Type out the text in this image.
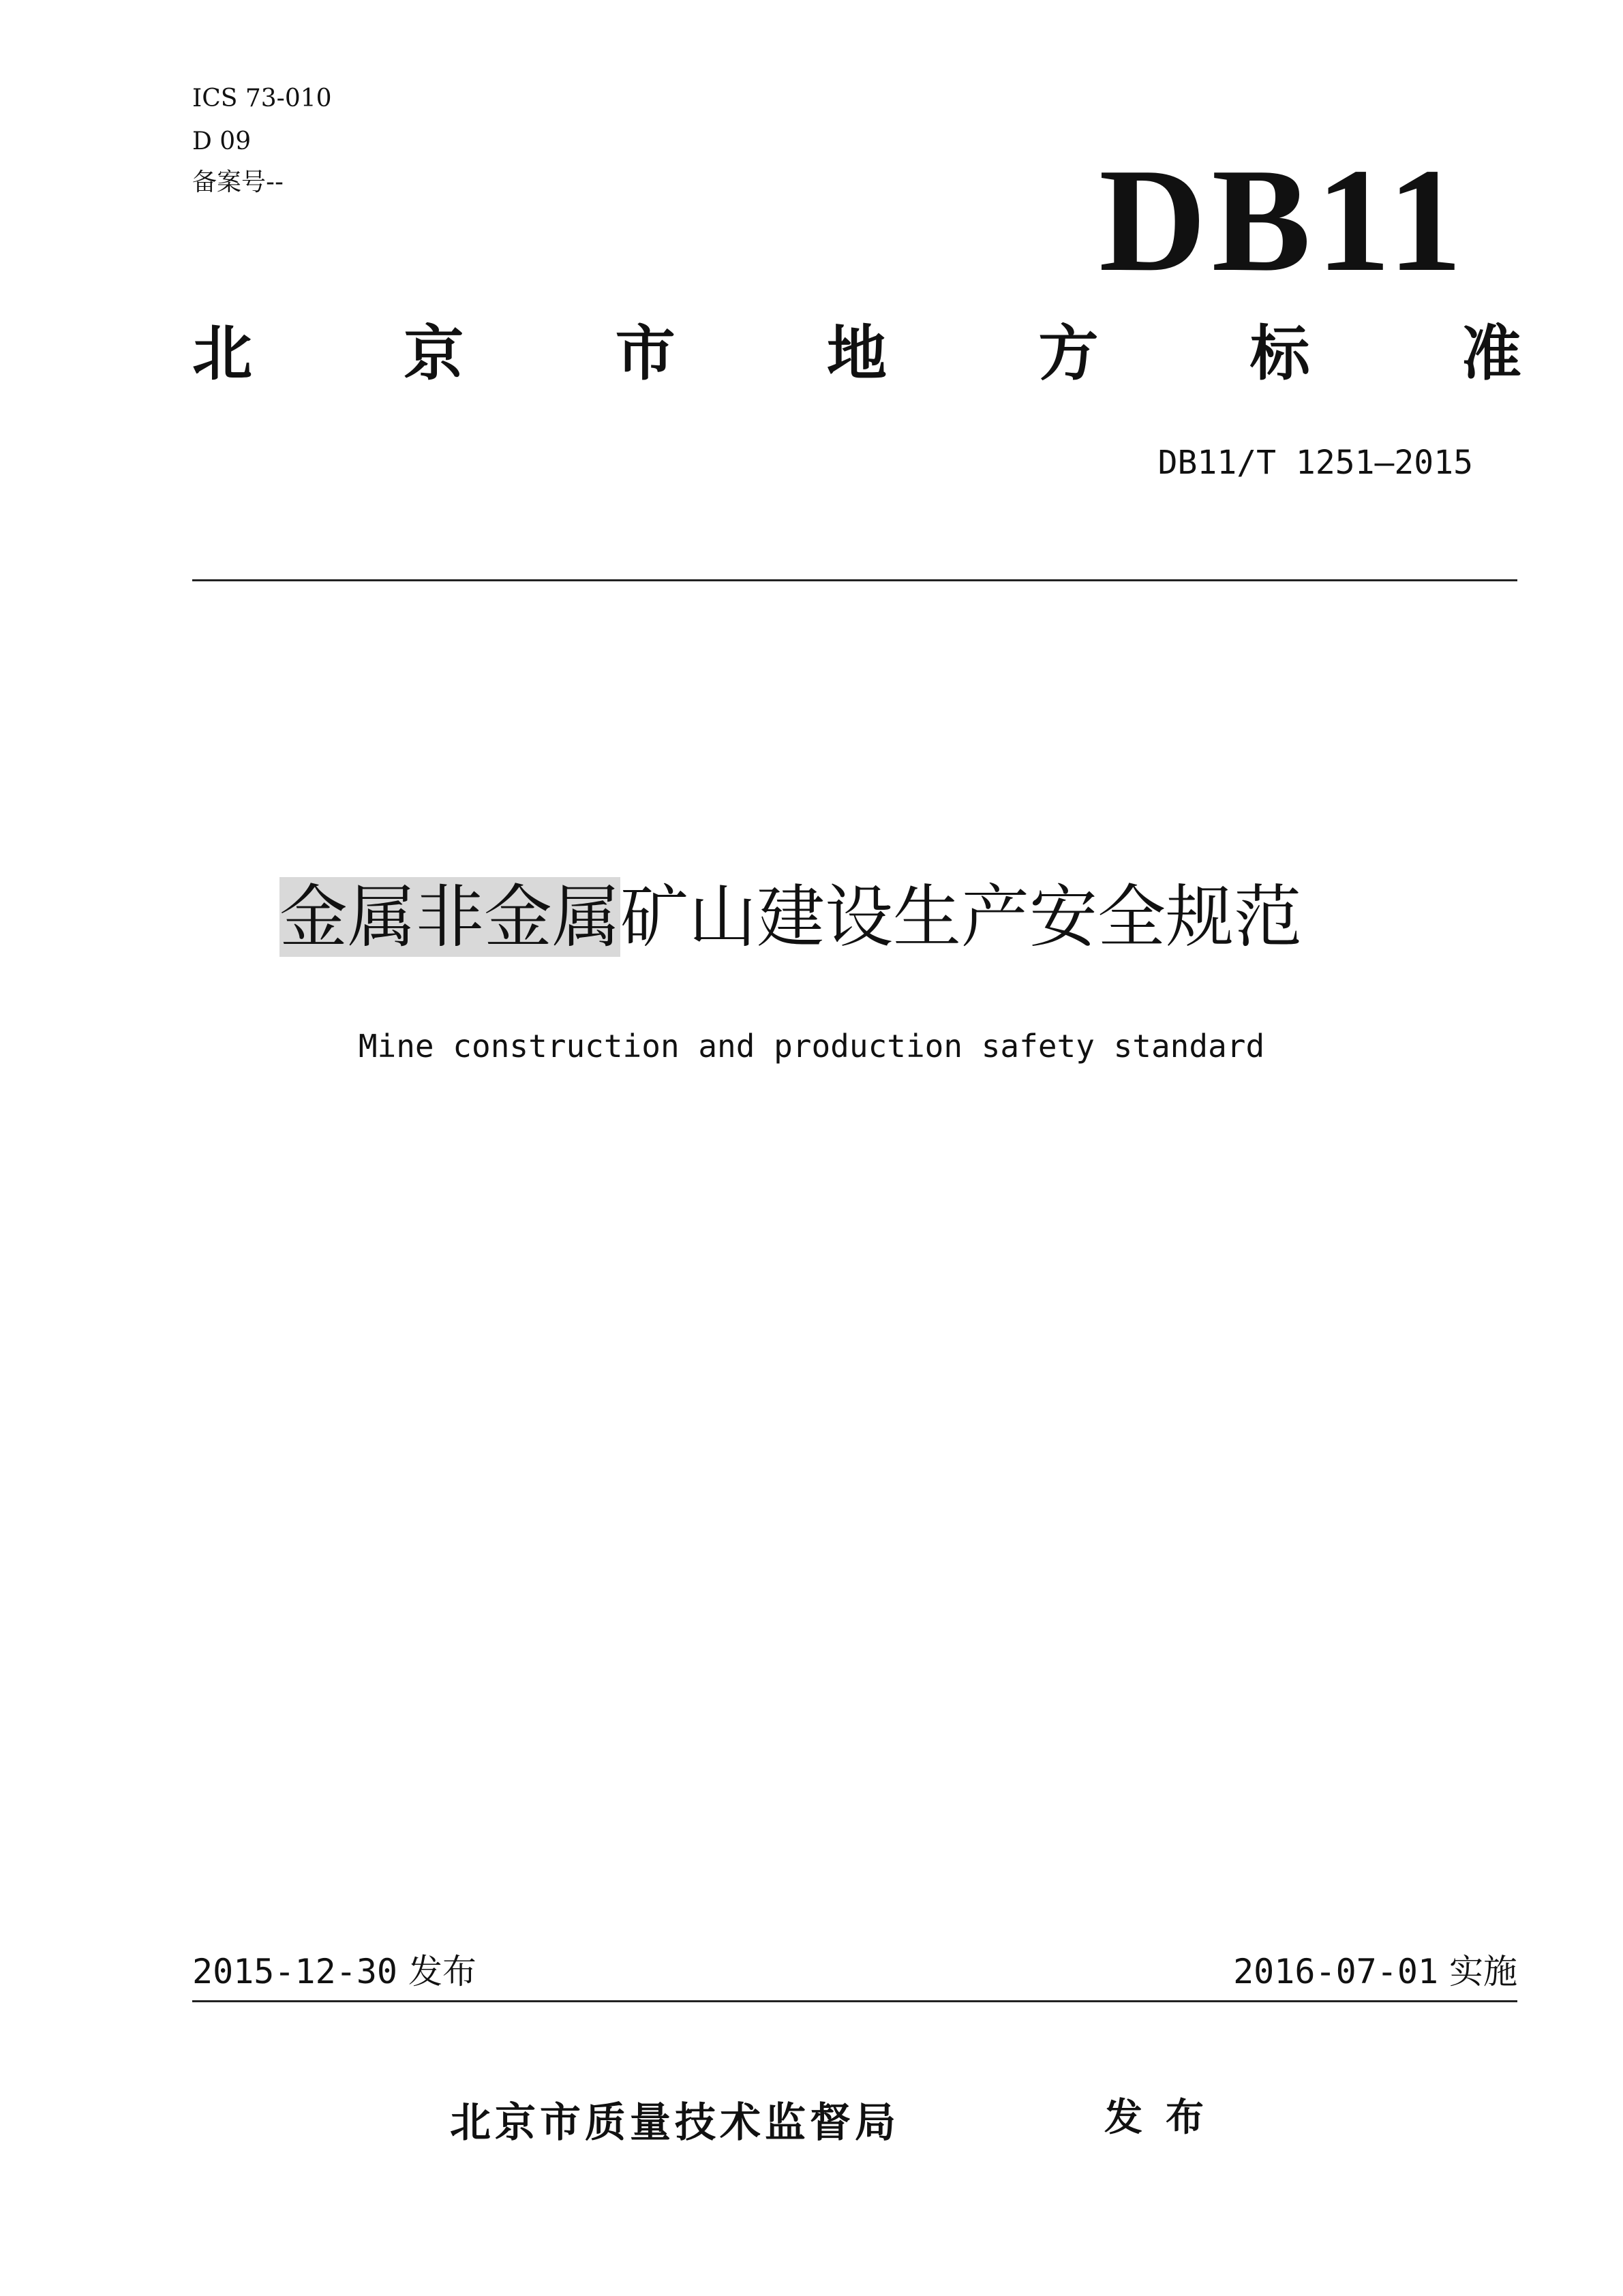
ICS 73-010
D 09
备案号--	DB11
北	京	市	地	方	标	准
DB11/T 1251—2015
金属非金属矿山建设生产安全规范
Mine construction and production safety standard
2015-12-30 发布	2016-07-01 实施
北京市质量技术监督局	发布
